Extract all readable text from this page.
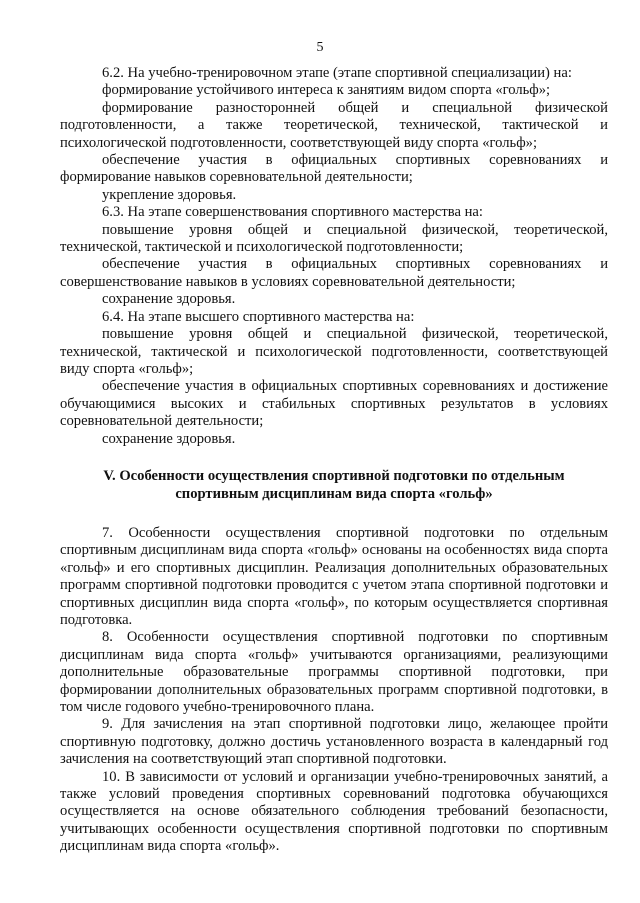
5

6.2. На учебно-тренировочном этапе (этапе спортивной специализации) на:

формирование устойчивого интереса к занятиям видом спорта «гольф»;

формирование разносторонней общей и специальной физической подготовленности, а также теоретической, технической, тактической и психологической подготовленности, соответствующей виду спорта «гольф»;

обеспечение участия в официальных спортивных соревнованиях и формирование навыков соревновательной деятельности;

укрепление здоровья.

6.3. На этапе совершенствования спортивного мастерства на:

повышение уровня общей и специальной физической, теоретической, технической, тактической и психологической подготовленности;

обеспечение участия в официальных спортивных соревнованиях и совершенствование навыков в условиях соревновательной деятельности;

сохранение здоровья.

6.4. На этапе высшего спортивного мастерства на:

повышение уровня общей и специальной физической, теоретической, технической, тактической и психологической подготовленности, соответствующей виду спорта «гольф»;

обеспечение участия в официальных спортивных соревнованиях и достижение обучающимися высоких и стабильных спортивных результатов в условиях соревновательной деятельности;

сохранение здоровья.

V. Особенности осуществления спортивной подготовки по отдельным
спортивным дисциплинам вида спорта «гольф»

7. Особенности осуществления спортивной подготовки по отдельным спортивным дисциплинам вида спорта «гольф» основаны на особенностях вида спорта «гольф» и его спортивных дисциплин. Реализация дополнительных образовательных программ спортивной подготовки проводится с учетом этапа спортивной подготовки и спортивных дисциплин вида спорта «гольф», по которым осуществляется спортивная подготовка.

8. Особенности осуществления спортивной подготовки по спортивным дисциплинам вида спорта «гольф» учитываются организациями, реализующими дополнительные образовательные программы спортивной подготовки, при формировании дополнительных образовательных программ спортивной подготовки, в том числе годового учебно-тренировочного плана.

9. Для зачисления на этап спортивной подготовки лицо, желающее пройти спортивную подготовку, должно достичь установленного возраста в календарный год зачисления на соответствующий этап спортивной подготовки.

10. В зависимости от условий и организации учебно-тренировочных занятий, а также условий проведения спортивных соревнований подготовка обучающихся осуществляется на основе обязательного соблюдения требований безопасности, учитывающих особенности осуществления спортивной подготовки по спортивным дисциплинам вида спорта «гольф».
